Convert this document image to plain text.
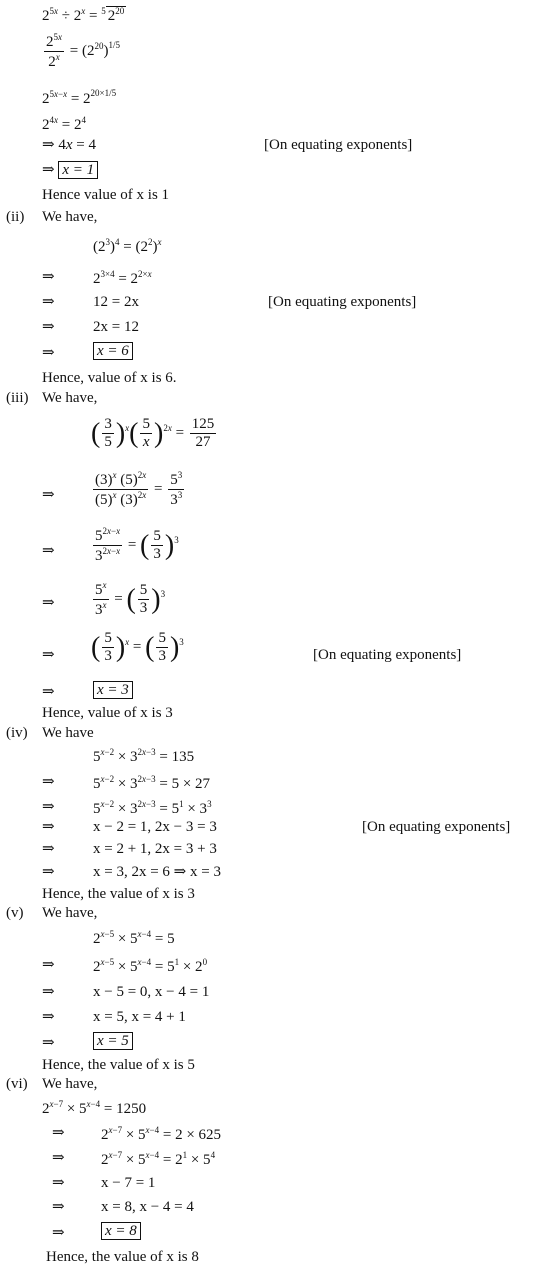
$2^{5x} \div 2^x = ^5$ $2^{20}$
$\frac{2^{5x}}{2^x} = (2^{20})^{1/5}$
$2^{5x-x} = 2^{20\times 1/5}$
$2^{4x} = 2^4$
⇒ 4x = 4	[On equating exponents]
⇒ x = 1
Hence value of x is 1
(ii) We have,
$(2^3)^4 = (2^2)^x$
⇒	$2^{3\times 4} = 2^{2\times x}$
⇒	12 = 2x	[On equating exponents]
⇒	2x = 12
⇒	x = 6
Hence, value of x is 6.
(iii) We have,
( $\frac{3}{5} )^x( \frac{5}{x} )^{2x} = \frac{125}{27}$
⇒	$\frac{(3)^x (5)^{2x}}{(5)^x (3)^{2x}} = \frac{5^3}{3^3}$
⇒	$\frac{5^{2x-x}}{3^{2x-x}}$ = ( $\frac{5}{3} )^3$
⇒	$\frac{5^x}{3^x}$ = ( $\frac{5}{3} )^3$
⇒ ( $\frac{5}{3} )^x$ = ( $\frac{5}{3} )^3$
[On equating exponents]
⇒	x = 3
Hence, value of x is 3
(iv) We have
$5^{x-2} \times 3^{2x-3} = 135$
⇒	$5^{x-2} \times 3^{2x-3} = 5 \times 27$
⇒	$5^{x-2} \times 3^{2x-3} = 5^1 \times 3^3$
⇒	x − 2 = 1, 2x − 3 = 3	[On equating exponents]
⇒	x = 2 + 1, 2x = 3 + 3
⇒	x = 3, 2x = 6 ⇒ x = 3
Hence, the value of x is 3
(v) We have,
$2^{x-5} \times 5^{x-4} = 5$
⇒	$2^{x-5} \times 5^{x-4} = 5^1 \times 2^0$
⇒	x − 5 = 0, x − 4 = 1
⇒	x = 5, x = 4 + 1
⇒	x = 5
Hence, the value of x is 5
(vi) We have,
$2^{x-7} \times 5^{x-4} = 1250$
⇒ $2^{x-7} \times 5^{x-4} = 2 \times 625$
⇒ $2^{x-7} \times 5^{x-4} = 2^1 \times 5^4$
⇒ x − 7 = 1
⇒ x = 8, x − 4 = 4
⇒	x = 8
Hence, the value of x is 8
